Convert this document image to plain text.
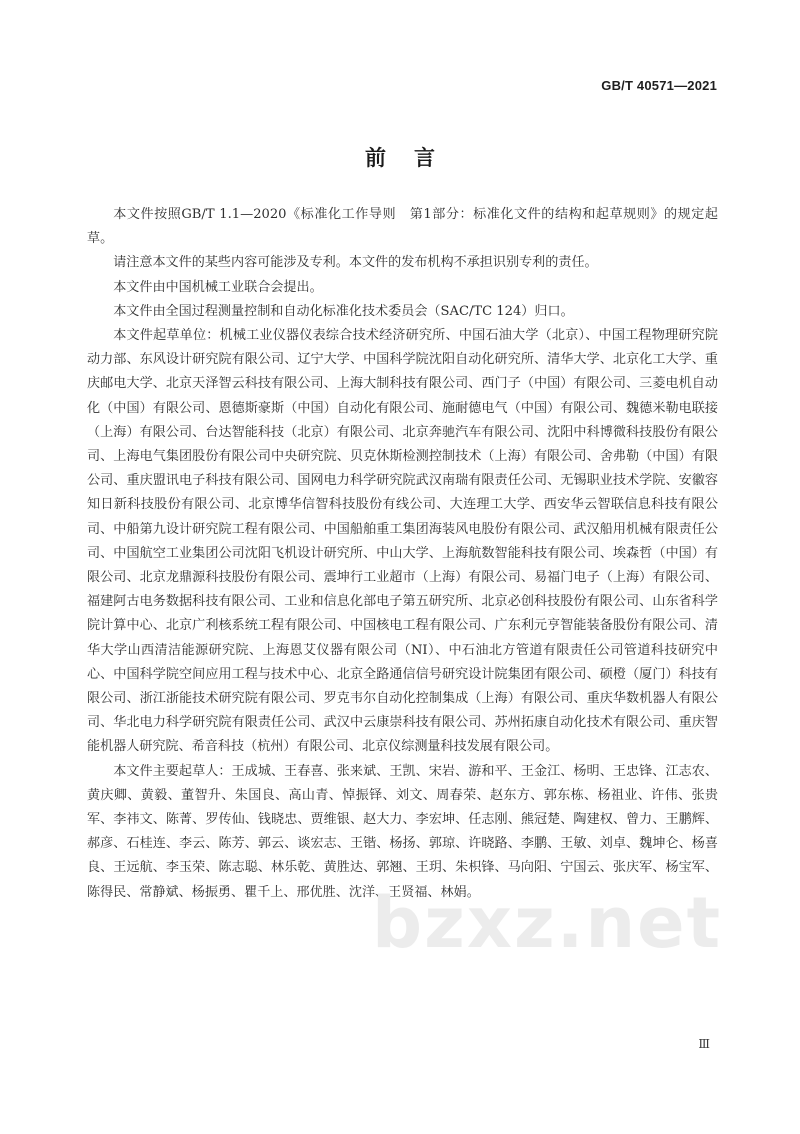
GB/T 40571—2021
前言

本文件按照GB/T 1.1—2020《标准化工作导则　第1部分：标准化文件的结构和起草规则》的规定起草。

请注意本文件的某些内容可能涉及专利。本文件的发布机构不承担识别专利的责任。

本文件由中国机械工业联合会提出。

本文件由全国过程测量控制和自动化标准化技术委员会（SAC/TC 124）归口。

本文件起草单位：机械工业仪器仪表综合技术经济研究所、中国石油大学（北京）、中国工程物理研究院动力部、东风设计研究院有限公司、辽宁大学、中国科学院沈阳自动化研究所、清华大学、北京化工大学、重庆邮电大学、北京天泽智云科技有限公司、上海大制科技有限公司、西门子（中国）有限公司、三菱电机自动化（中国）有限公司、恩德斯豪斯（中国）自动化有限公司、施耐德电气（中国）有限公司、魏德米勒电联接（上海）有限公司、台达智能科技（北京）有限公司、北京奔驰汽车有限公司、沈阳中科博微科技股份有限公司、上海电气集团股份有限公司中央研究院、贝克休斯检测控制技术（上海）有限公司、舍弗勒（中国）有限公司、重庆盟讯电子科技有限公司、国网电力科学研究院武汉南瑞有限责任公司、无锡职业技术学院、安徽容知日新科技股份有限公司、北京博华信智科技股份有线公司、大连理工大学、西安华云智联信息科技有限公司、中船第九设计研究院工程有限公司、中国船舶重工集团海装风电股份有限公司、武汉船用机械有限责任公司、中国航空工业集团公司沈阳飞机设计研究所、中山大学、上海航数智能科技有限公司、埃森哲（中国）有限公司、北京龙鼎源科技股份有限公司、震坤行工业超市（上海）有限公司、易福门电子（上海）有限公司、福建阿古电务数据科技有限公司、工业和信息化部电子第五研究所、北京必创科技股份有限公司、山东省科学院计算中心、北京广利核系统工程有限公司、中国核电工程有限公司、广东利元亨智能装备股份有限公司、清华大学山西清洁能源研究院、上海恩艾仪器有限公司（NI）、中石油北方管道有限责任公司管道科技研究中心、中国科学院空间应用工程与技术中心、北京全路通信信号研究设计院集团有限公司、硕橙（厦门）科技有限公司、浙江浙能技术研究院有限公司、罗克韦尔自动化控制集成（上海）有限公司、重庆华数机器人有限公司、华北电力科学研究院有限责任公司、武汉中云康崇科技有限公司、苏州拓康自动化技术有限公司、重庆智能机器人研究院、希音科技（杭州）有限公司、北京仪综测量科技发展有限公司。

本文件主要起草人：王成城、王春喜、张来斌、王凯、宋岩、游和平、王金江、杨明、王忠锋、江志农、黄庆卿、黄毅、董智升、朱国良、高山青、悼振铎、刘文、周春荣、赵东方、郭东栋、杨祖业、许伟、张贵军、李祎文、陈菁、罗传仙、钱晓忠、贾维银、赵大力、李宏坤、任志刚、熊冠楚、陶建权、曾力、王鹏辉、郝彦、石桂连、李云、陈芳、郭云、谈宏志、王锴、杨扬、郭琼、许晓路、李鹏、王敏、刘卓、魏坤仑、杨喜良、王远航、李玉荣、陈志聪、林乐乾、黄胜达、郭翘、王玥、朱枳锋、马向阳、宁国云、张庆军、杨宝军、陈得民、常静斌、杨振勇、瞿千上、邢优胜、沈洋、王贤福、林娟。

bzxz.net
Ⅲ
